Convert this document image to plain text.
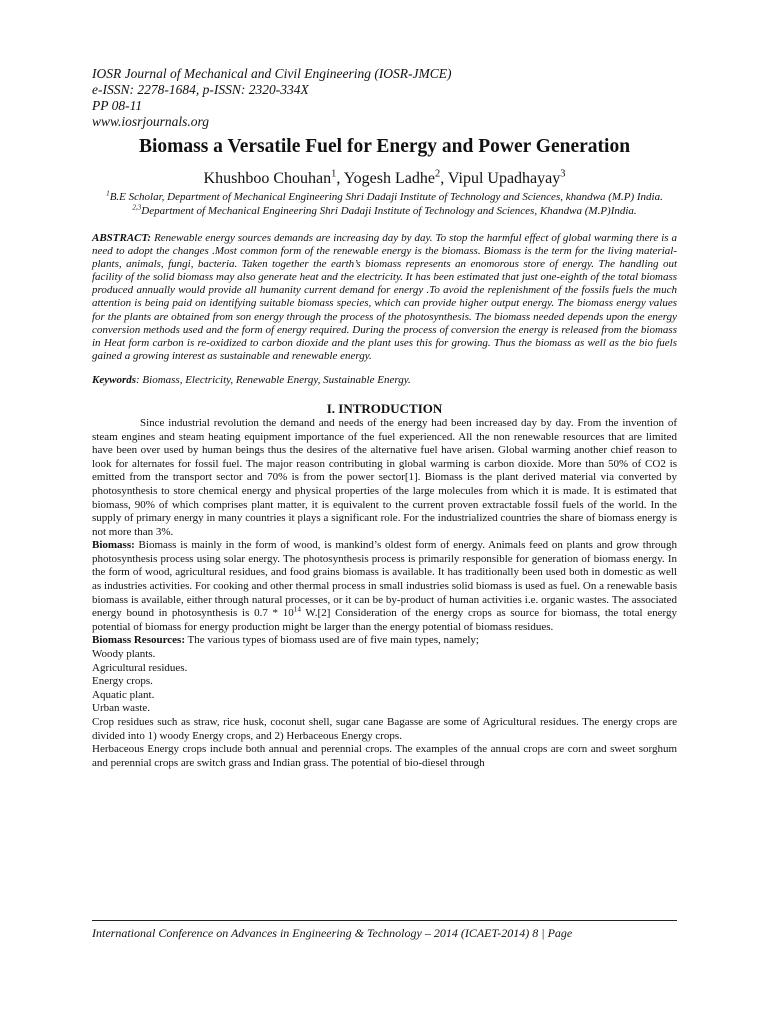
IOSR Journal of Mechanical and Civil Engineering (IOSR-JMCE)

e-ISSN: 2278-1684, p-ISSN: 2320-334X

PP 08-11

www.iosrjournals.org

Biomass a Versatile Fuel for Energy and Power Generation

Khushboo Chouhan$^1$, Yogesh Ladhe$^2$, Vipul Upadhayay$^3$

$^1$B.E Scholar, Department of Mechanical Engineering Shri Dadaji Institute of Technology and Sciences, khandwa (M.P) India.

$^{2,3}$Department of Mechanical Engineering Shri Dadaji Institute of Technology and Sciences, Khandwa (M.P)India.

ABSTRACT: Renewable energy sources demands are increasing day by day. To stop the harmful effect of global warming there is a need to adopt the changes .Most common form of the renewable energy is the biomass. Biomass is the term for the living material-plants, animals, fungi, bacteria. Taken together the earth’s biomass represents an enomorous store of energy. The handling out facility of the solid biomass may also generate heat and the electricity. It has been estimated that just one-eighth of the total biomass produced annually would provide all humanity current demand for energy .To avoid the replenishment of the fossils fuels the much attention is being paid on identifying suitable biomass species, which can provide higher output energy. The biomass energy values for the plants are obtained from son energy through the process of the photosynthesis. The biomass needed depends upon the energy conversion methods used and the form of energy required. During the process of conversion the energy is released from the biomass in Heat form carbon is re-oxidized to carbon dioxide and the plant uses this for growing. Thus the biomass as well as the bio fuels gained a growing interest as sustainable and renewable energy.

Keywords: Biomass, Electricity, Renewable Energy, Sustainable Energy.

I. INTRODUCTION

Since industrial revolution the demand and needs of the energy had been increased day by day. From the invention of steam engines and steam heating equipment importance of the fuel experienced. All the non renewable resources that are limited have been over used by human beings thus the desires of the alternative fuel have arisen. Global warming another chief reason to look for alternates for fossil fuel. The major reason contributing in global warming is carbon dioxide. More than 50% of CO2 is emitted from the transport sector and 70% is from the power sector[1]. Biomass is the plant derived material via converted by photosynthesis to store chemical energy and physical properties of the large molecules from which it is made. It is estimated that biomass, 90% of which comprises plant matter, it is equivalent to the current proven extractable fossil fuels of the world. In the supply of primary energy in many countries it plays a significant role. For the industrialized countries the share of biomass energy is not more than 3%.

Biomass: Biomass is mainly in the form of wood, is mankind’s oldest form of energy. Animals feed on plants and grow through photosynthesis process using solar energy. The photosynthesis process is primarily responsible for generation of biomass energy. In the form of wood, agricultural residues, and food grains biomass is available. It has traditionally been used both in domestic as well as industries activities. For cooking and other thermal process in small industries solid biomass is used as fuel. On a renewable basis biomass is available, either through natural processes, or it can be by-product of human activities i.e. organic wastes. The associated energy bound in photosynthesis is $0.7 * 10^{14}$ W.[2] Consideration of the energy crops as source for biomass, the total energy potential of biomass for energy production might be larger than the energy potential of biomass residues.

Biomass Resources: The various types of biomass used are of five main types, namely;

Woody plants.

Agricultural residues.

Energy crops.

Aquatic plant.

Urban waste.

Crop residues such as straw, rice husk, coconut shell, sugar cane Bagasse are some of Agricultural residues. The energy crops are divided into 1) woody Energy crops, and 2) Herbaceous Energy crops.

Herbaceous Energy crops include both annual and perennial crops. The examples of the annual crops are corn and sweet sorghum and perennial crops are switch grass and Indian grass. The potential of bio-diesel through

International Conference on Advances in Engineering & Technology – 2014 (ICAET-2014) 8 | Page
